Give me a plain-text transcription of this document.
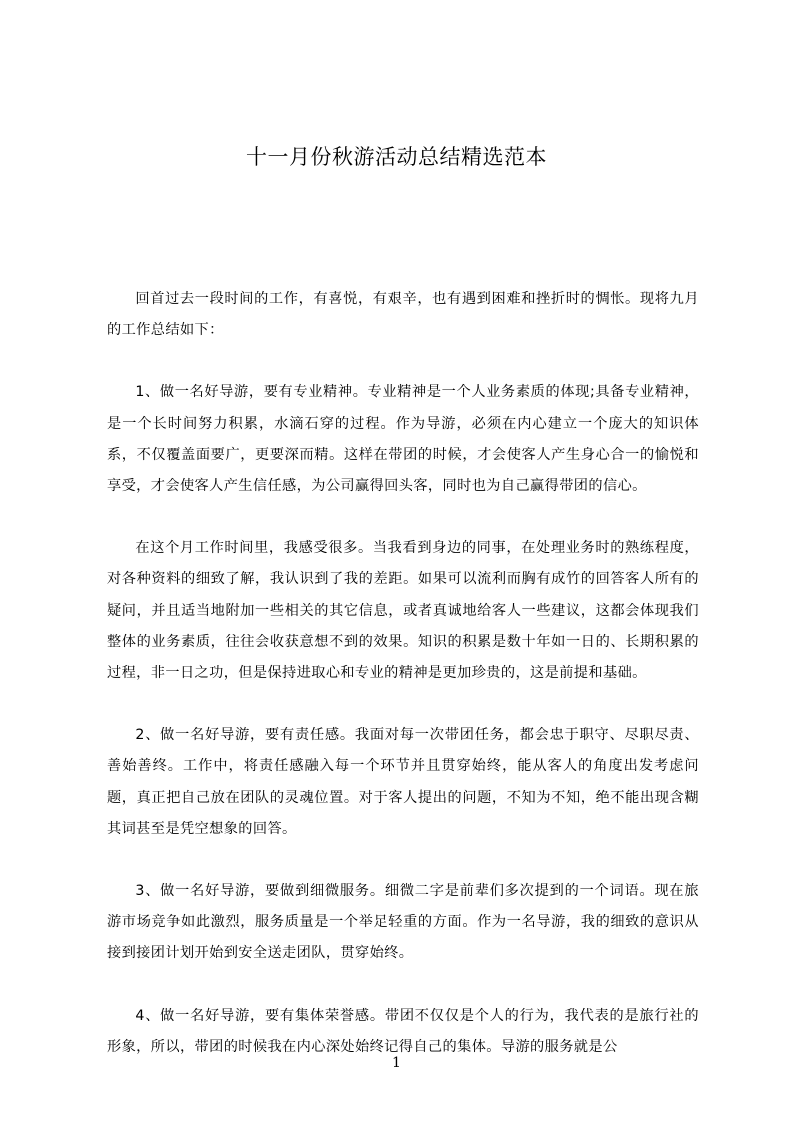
十一月份秋游活动总结精选范本

回首过去一段时间的工作，有喜悦，有艰辛，也有遇到困难和挫折时的惆怅。现将九月的工作总结如下：

1、做一名好导游，要有专业精神。专业精神是一个人业务素质的体现;具备专业精神，是一个长时间努力积累，水滴石穿的过程。作为导游，必须在内心建立一个庞大的知识体系，不仅覆盖面要广，更要深而精。这样在带团的时候，才会使客人产生身心合一的愉悦和享受，才会使客人产生信任感，为公司赢得回头客，同时也为自己赢得带团的信心。

在这个月工作时间里，我感受很多。当我看到身边的同事，在处理业务时的熟练程度，对各种资料的细致了解，我认识到了我的差距。如果可以流利而胸有成竹的回答客人所有的疑问，并且适当地附加一些相关的其它信息，或者真诚地给客人一些建议，这都会体现我们整体的业务素质，往往会收获意想不到的效果。知识的积累是数十年如一日的、长期积累的过程，非一日之功，但是保持进取心和专业的精神是更加珍贵的，这是前提和基础。

2、做一名好导游，要有责任感。我面对每一次带团任务，都会忠于职守、尽职尽责、善始善终。工作中，将责任感融入每一个环节并且贯穿始终，能从客人的角度出发考虑问题，真正把自己放在团队的灵魂位置。对于客人提出的问题，不知为不知，绝不能出现含糊其词甚至是凭空想象的回答。

3、做一名好导游，要做到细微服务。细微二字是前辈们多次提到的一个词语。现在旅游市场竞争如此激烈，服务质量是一个举足轻重的方面。作为一名导游，我的细致的意识从接到接团计划开始到安全送走团队，贯穿始终。

4、做一名好导游，要有集体荣誉感。带团不仅仅是个人的行为，我代表的是旅行社的形象，所以，带团的时候我在内心深处始终记得自己的集体。导游的服务就是公

1
